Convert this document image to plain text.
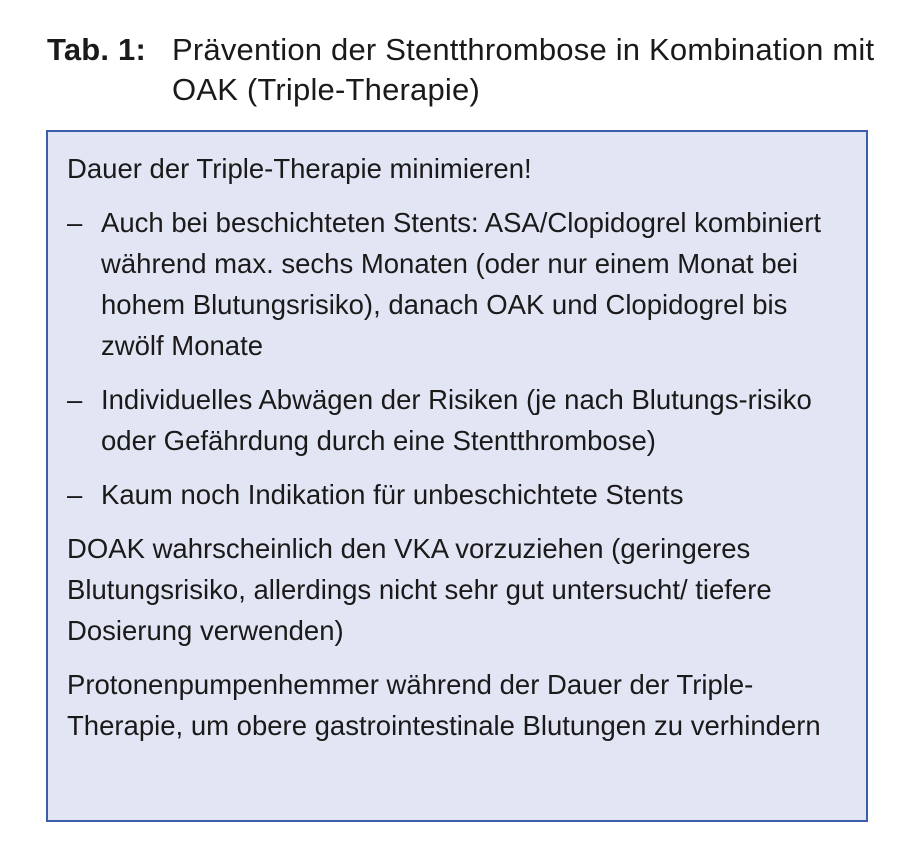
Tab. 1: Prävention der Stentthrombose in Kombination mit OAK (Triple-Therapie)

Dauer der Triple-Therapie minimieren!

– Auch bei beschichteten Stents: ASA/Clopidogrel kombiniert während max. sechs Monaten (oder nur einem Monat bei hohem Blutungsrisiko), danach OAK und Clopidogrel bis zwölf Monate
– Individuelles Abwägen der Risiken (je nach Blutungs-risiko oder Gefährdung durch eine Stentthrombose)
– Kaum noch Indikation für unbeschichtete Stents

DOAK wahrscheinlich den VKA vorzuziehen (geringeres Blutungsrisiko, allerdings nicht sehr gut untersucht/ tiefere Dosierung verwenden)

Protonenpumpenhemmer während der Dauer der Triple-Therapie, um obere gastrointestinale Blutungen zu verhindern
